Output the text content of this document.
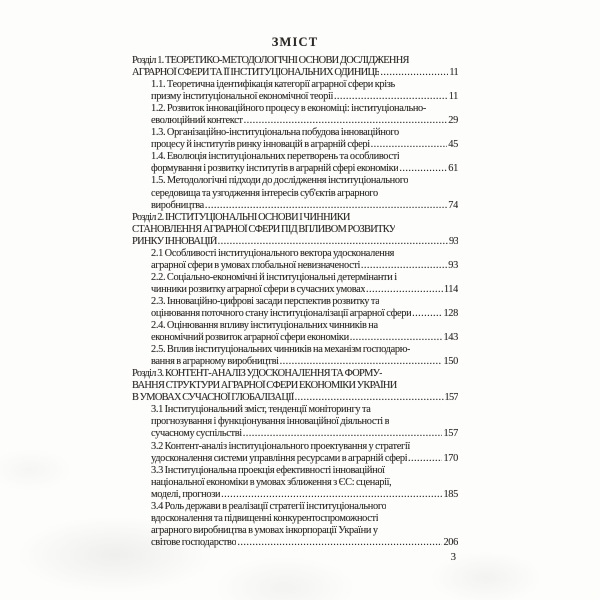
ЗМІСТ
Розділ 1. ТЕОРЕТИКО-МЕТОДОЛОГІЧНІ ОСНОВИ ДОСЛІДЖЕННЯ
АГРАРНОЇ СФЕРИ ТА ЇЇ ІНСТИТУЦІОНАЛЬНИХ ОДИНИЦЬ .....	11
1.1. Теоретична ідентифікація категорії аграрної сфери крізь
призму інституціональної економічної теорії .....	11
1.2. Розвиток інноваційного процесу в економіці: інституціонально-
еволюційний контекст .....	29
1.3. Організаційно-інституціональна побудова інноваційного
процесу й інститутів ринку інновацій в аграрній сфері .....	45
1.4. Еволюція інституціональних перетворень та особливості
формування і розвитку інститутів в аграрній сфері економіки .....	61
1.5. Методологічні підходи до дослідження інституціонального
середовища та узгодження інтересів суб'єктів аграрного
виробництва .....	74
Розділ 2. ІНСТИТУЦІОНАЛЬНІ ОСНОВИ І ЧИННИКИ
СТАНОВЛЕННЯ АГРАРНОЇ СФЕРИ ПІД ВПЛИВОМ РОЗВИТКУ
РИНКУ ІННОВАЦІЙ .....	93
2.1 Особливості інституціонального вектора удосконалення
аграрної сфери в умовах глобальної невизначеності .....	93
2.2. Соціально-економічні й інституціональні детермінанти і
чинники розвитку аграрної сфери в сучасних умовах .....	114
2.3. Інноваційно-цифрові засади перспектив розвитку та
оцінювання поточного стану інституціоналізації аграрної сфери .....	128
2.4. Оцінювання впливу інституціональних чинників на
економічний розвиток аграрної сфери економіки .....	143
2.5. Вплив інституціональних чинників на механізм господарю-
вання в аграрному виробництві .....	150
Розділ 3. КОНТЕНТ-АНАЛІЗ УДОСКОНАЛЕННЯ ТА ФОРМУ-
ВАННЯ СТРУКТУРИ АГРАРНОЇ СФЕРИ ЕКОНОМІКИ УКРАЇНИ
В УМОВАХ СУЧАСНОЇ ГЛОБАЛІЗАЦІЇ .....	157
3.1 Інституціональний зміст, тенденції моніторингу та
прогнозування і функціонування інноваційної діяльності в
сучасному суспільстві .....	157
3.2 Контент-аналіз інституціонального проектування у стратегії
удосконалення системи управління ресурсами в аграрній сфері .....	170
3.3 Інституціональна проекція ефективності інноваційної
національної економіки в умовах зближення з ЄС: сценарії,
моделі, прогнози .....	185
3.4 Роль держави в реалізації стратегії інституціонального
вдосконалення та підвищенні конкурентоспроможності
аграрного виробництва в умовах інкорпорації України у
світове господарство .....	206
3
